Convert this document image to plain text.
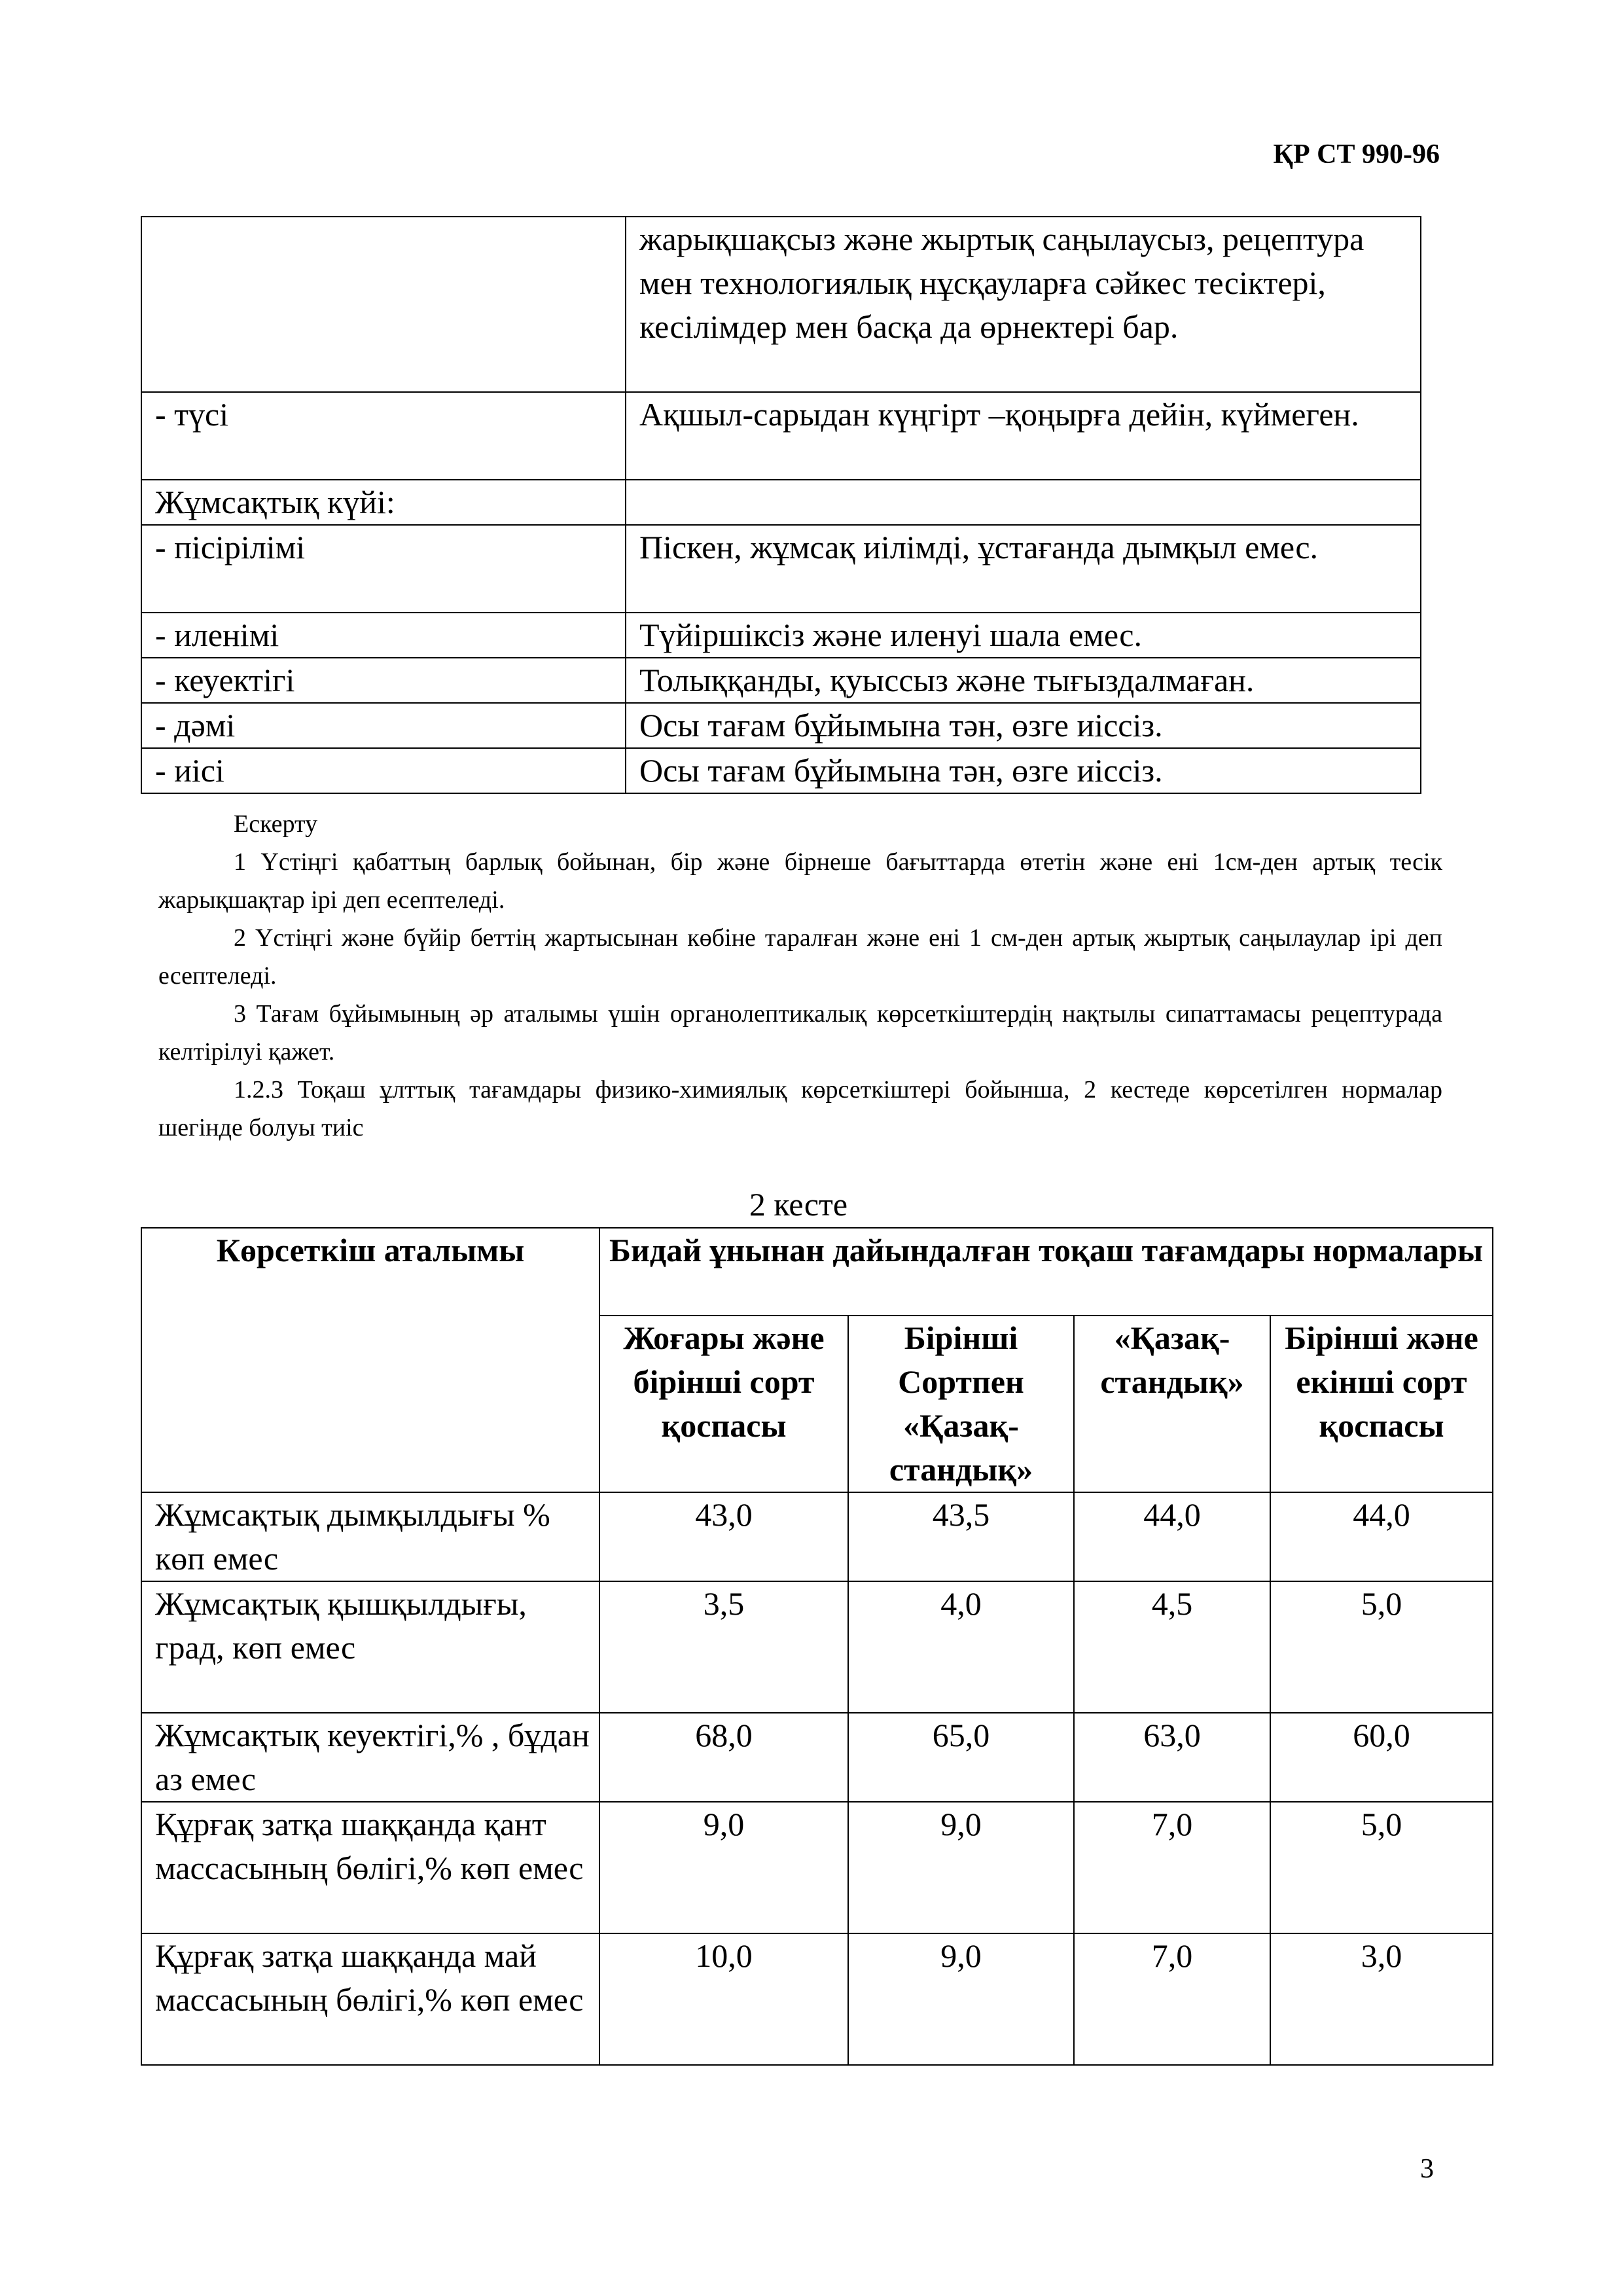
ҚР СТ 990-96
	жарықшақсыз және жыртық саңылаусыз, рецептура мен технологиялық нұсқауларға сәйкес тесіктері, кесілімдер мен басқа да өрнектері бар.
- түсі	Ақшыл-сарыдан күңгірт –қоңырға дейін, күймеген.
Жұмсақтық күйі:	
- пісірілімі	Піскен, жұмсақ иілімді, ұстағанда дымқыл емес.
- иленімі	Түйіршіксіз және иленуі шала емес.
- кеуектігі	Толыққанды, қуыссыз және тығыздалмаған.
- дәмі	Осы тағам бұйымына тән, өзге иіссіз.
- иісі	Осы тағам бұйымына тән, өзге иіссіз.

Ескерту

1 Үстіңгі қабаттың барлық бойынан, бір және бірнеше бағыттарда өтетін және ені 1см-ден артық тесік жарықшақтар ірі деп есептеледі.

2 Үстіңгі және бүйір беттің жартысынан көбіне таралған және ені 1 см-ден артық жыртық саңылаулар ірі деп есептеледі.

3 Тағам бұйымының әр аталымы үшін органолептикалық көрсеткіштердің нақтылы сипаттамасы рецептурада келтірілуі қажет.

1.2.3 Тоқаш ұлттық тағамдары физико-химиялық көрсеткіштері бойынша, 2 кестеде көрсетілген нормалар шегінде болуы тиіс

2 кесте
Көрсеткіш аталымы	Бидай ұнынан дайындалған тоқаш тағамдары нормалары			
	Жоғары және бірінші сорт қоспасы	Бірінші Сортпен «Қазақ-стандық»	«Қазақ-стандық»	Бірінші және екінші сорт қоспасы
Жұмсақтық дымқылдығы % көп емес	43,0	43,5	44,0	44,0
Жұмсақтық қышқылдығы, град, көп емес	3,5	4,0	4,5	5,0
Жұмсақтық кеуектігі,% , бұдан аз емес	68,0	65,0	63,0	60,0
Құрғақ затқа шаққанда қант массасының бөлігі,% көп емес	9,0	9,0	7,0	5,0
Құрғақ затқа шаққанда май массасының бөлігі,% көп емес	10,0	9,0	7,0	3,0
3
